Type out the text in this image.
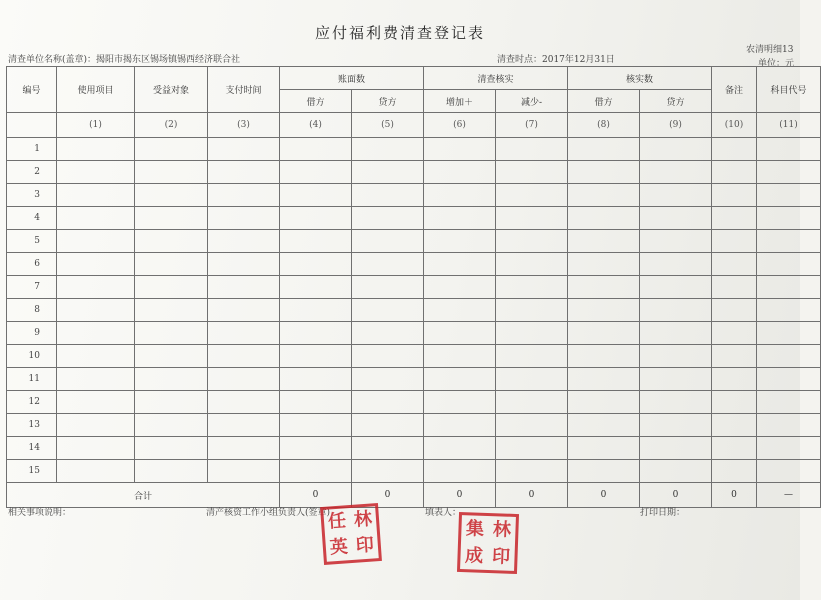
应付福利费清查登记表
清查单位名称(盖章)：揭阳市揭东区锡场镇锡西经济联合社	清查时点：2017年12月31日
农清明细13
单位：元
编号	使用项目	受益对象	支付时间	账面数		清查核实		核实数		备注	科目代号
				借方	贷方	增加＋	减少-	借方	贷方		
	(1)	(2)	(3)	(4)	(5)	(6)	(7)	(8)	(9)	(10)	(11)
1											
2											
3											
4											
5											
6											
7											
8											
9											
10											
11											
12											
13											
14											
15											
合计				0	0	0	0	0	0	0	—
相关事项说明：	清产核资工作小组负责人(签章)	填表人：	打印日期：
任 林
英 印
集 林
成 印
